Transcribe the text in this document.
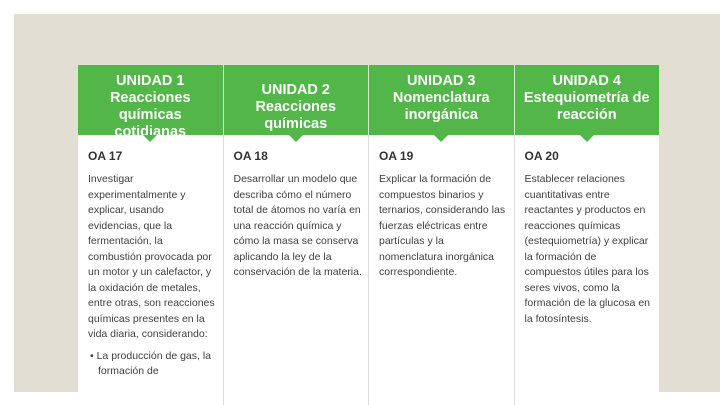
UNIDAD 1
Reacciones químicas
cotidianas
UNIDAD 2
Reacciones químicas
UNIDAD 3
Nomenclatura
inorgánica
UNIDAD 4
Estequiometría de
reacción
OA 17

Investigar experimentalmente y explicar, usando evidencias, que la fermentación, la combustión provocada por un motor y un calefactor, y la oxidación de metales, entre otras, son reacciones químicas presentes en la vida diaria, considerando:

• La producción de gas, la formación de

OA 18

Desarrollar un modelo que describa cómo el número total de átomos no varía en una reacción química y cómo la masa se conserva aplicando la ley de la conservación de la materia.

OA 19

Explicar la formación de compuestos binarios y ternarios, considerando las fuerzas eléctricas entre partículas y la nomenclatura inorgánica correspondiente.

OA 20

Establecer relaciones cuantitativas entre reactantes y productos en reacciones químicas (estequiometría) y explicar la formación de compuestos útiles para los seres vivos, como la formación de la glucosa en la fotosíntesis.
